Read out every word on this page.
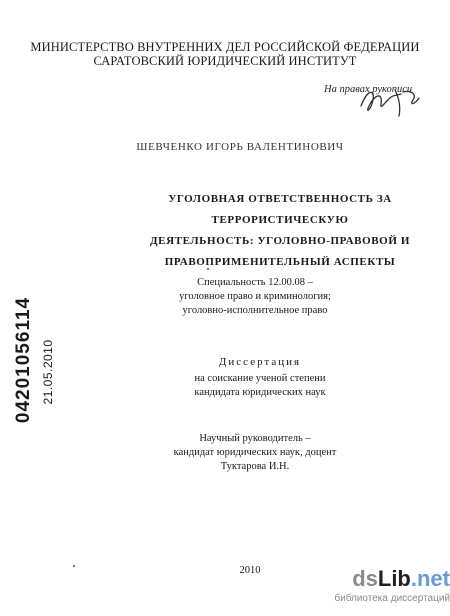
МИНИСТЕРСТВО ВНУТРЕННИХ ДЕЛ РОССИЙСКОЙ ФЕДЕРАЦИИ
САРАТОВСКИЙ ЮРИДИЧЕСКИЙ ИНСТИТУТ
На правах рукописи
ШЕВЧЕНКО ИГОРЬ ВАЛЕНТИНОВИЧ
УГОЛОВНАЯ ОТВЕТСТВЕННОСТЬ ЗА ТЕРРОРИСТИЧЕСКУЮ
ДЕЯТЕЛЬНОСТЬ: УГОЛОВНО-ПРАВОВОЙ И
ПРАВОПРИМЕНИТЕЛЬНЫЙ АСПЕКТЫ
Специальность 12.00.08 –
уголовное право и криминология;
уголовно-исполнительное право
Диссертация
на соискание ученой степени
кандидата юридических наук
Научный руководитель –
кандидат юридических наук, доцент
Туктарова И.Н.
04201056114 21.05.2010
2010	dsLib.net
библиотека диссертаций
